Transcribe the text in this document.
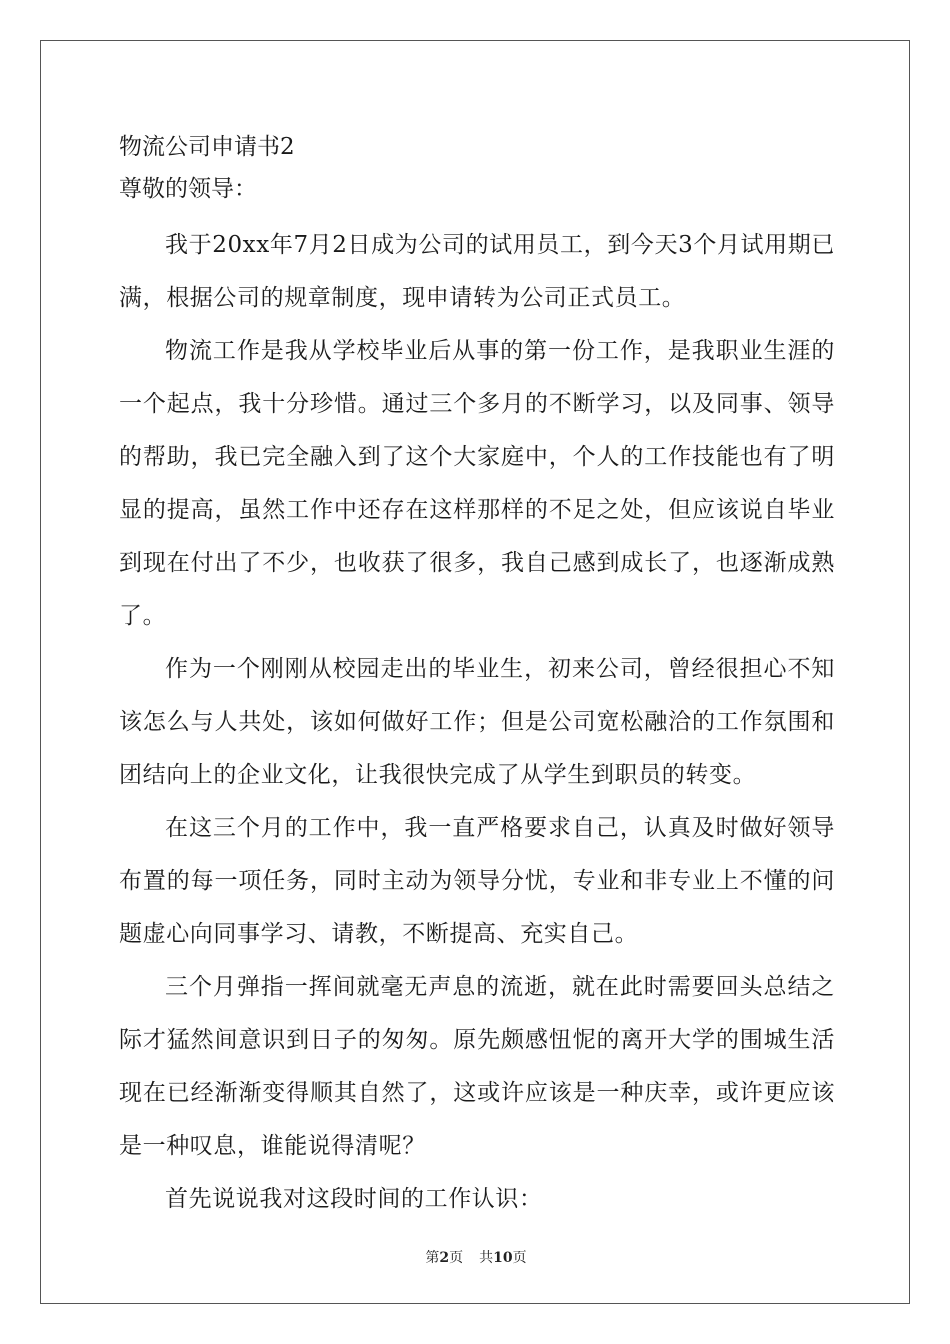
物流公司申请书2
尊敬的领导：

我于20xx年7月2日成为公司的试用员工，到今天3个月试用期已满，根据公司的规章制度，现申请转为公司正式员工。

物流工作是我从学校毕业后从事的第一份工作，是我职业生涯的一个起点，我十分珍惜。通过三个多月的不断学习，以及同事、领导的帮助，我已完全融入到了这个大家庭中，个人的工作技能也有了明显的提高，虽然工作中还存在这样那样的不足之处，但应该说自毕业到现在付出了不少，也收获了很多，我自己感到成长了，也逐渐成熟了。

作为一个刚刚从校园走出的毕业生，初来公司，曾经很担心不知该怎么与人共处，该如何做好工作；但是公司宽松融洽的工作氛围和团结向上的企业文化，让我很快完成了从学生到职员的转变。

在这三个月的工作中，我一直严格要求自己，认真及时做好领导布置的每一项任务，同时主动为领导分忧，专业和非专业上不懂的问题虚心向同事学习、请教，不断提高、充实自己。

三个月弹指一挥间就毫无声息的流逝，就在此时需要回头总结之际才猛然间意识到日子的匆匆。原先颇感忸怩的离开大学的围城生活现在已经渐渐变得顺其自然了，这或许应该是一种庆幸，或许更应该是一种叹息，谁能说得清呢？

首先说说我对这段时间的工作认识：

第2页 共10页
